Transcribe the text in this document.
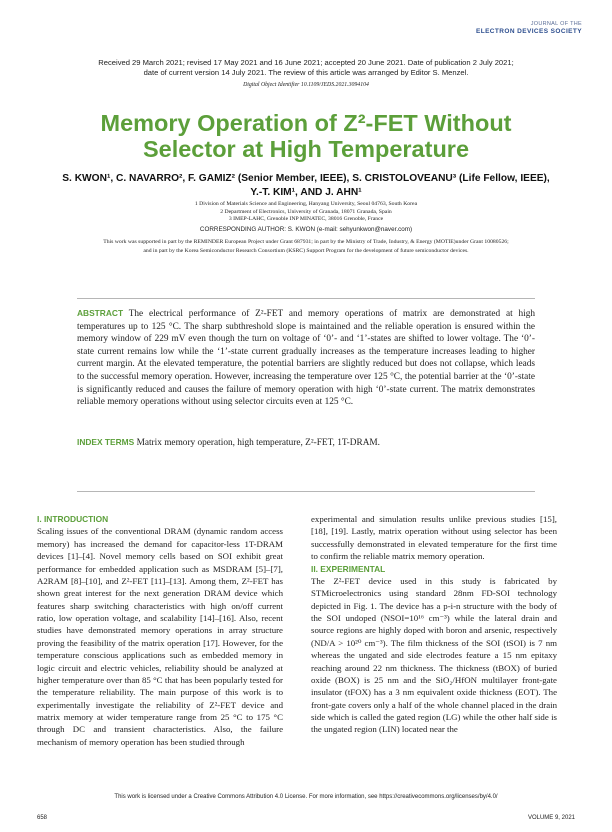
JOURNAL OF THE
ELECTRON DEVICES SOCIETY
Received 29 March 2021; revised 17 May 2021 and 16 June 2021; accepted 20 June 2021. Date of publication 2 July 2021;
date of current version 14 July 2021. The review of this article was arranged by Editor S. Menzel.
Digital Object Identifier 10.1109/JEDS.2021.3094104
Memory Operation of Z²-FET Without
Selector at High Temperature
S. KWON¹, C. NAVARRO², F. GAMIZ² (Senior Member, IEEE), S. CRISTOLOVEANU³ (Life Fellow, IEEE),
Y.-T. KIM¹, AND J. AHN¹
1 Division of Materials Science and Engineering, Hanyang University, Seoul 04763, South Korea
2 Department of Electronics, University of Granada, 18071 Granada, Spain
3 IMEP-LAHC, Grenoble INP MINATEC, 38016 Grenoble, France
CORRESPONDING AUTHOR: S. KWON (e-mail: sehyunkwon@naver.com)
This work was supported in part by the REMINDER European Project under Grant 687931; in part by the Ministry of Trade, Industry, & Energy (MOTIE)under Grant 10080526;
and in part by the Korea Semiconductor Research Consortium (KSRC) Support Program for the development of future semiconductor devices.
ABSTRACT The electrical performance of Z²-FET and memory operations of matrix are demonstrated at high temperatures up to 125 °C. The sharp subthreshold slope is maintained and the reliable operation is ensured within the memory window of 229 mV even though the turn on voltage of ‘0’- and ‘1’-states are shifted to lower voltage. The ‘0’-state current remains low while the ‘1’-state current gradually increases as the temperature increases leading to higher current margin. At the elevated temperature, the potential barriers are slightly reduced but does not collapse, which leads to the successful memory operation. However, increasing the temperature over 125 °C, the potential barrier at the ‘0’-state is significantly reduced and causes the failure of memory operation with high ‘0’-state current. The matrix demonstrates reliable memory operations without using selector circuits even at 125 °C.
INDEX TERMS Matrix memory operation, high temperature, Z²-FET, 1T-DRAM.
I. INTRODUCTION

Scaling issues of the conventional DRAM (dynamic random access memory) has increased the demand for capacitor-less 1T-DRAM devices [1]–[4]. Novel memory cells based on SOI exhibit great performance for embedded application such as MSDRAM [5]–[7], A2RAM [8]–[10], and Z²-FET [11]–[13]. Among them, Z²-FET has shown great interest for the next generation DRAM device which features sharp switching characteristics with high on/off current ratio, low operation voltage, and scalability [14]–[16]. Also, recent studies have demonstrated memory operations in array structure proving the feasibility of the matrix operation [17]. However, for the temperature conscious applications such as embedded memory in logic circuit and electric vehicles, reliability should be analyzed at higher temperature over than 85 °C that has been popularly tested for the temperature reliability. The main purpose of this work is to experimentally investigate the reliability of Z²-FET device and matrix memory at wider temperature range from 25 °C to 175 °C through DC and transient characteristics. Also, the failure mechanism of memory operation has been studied through

experimental and simulation results unlike previous studies [15], [18], [19]. Lastly, matrix operation without using selector has been successfully demonstrated in elevated temperature for the first time to confirm the reliable matrix memory operation.

II. EXPERIMENTAL

The Z²-FET device used in this study is fabricated by STMicroelectronics using standard 28nm FD-SOI technology depicted in Fig. 1. The device has a p-i-n structure with the body of the SOI undoped (NSOI=10¹⁶ cm⁻³) while the lateral drain and source regions are highly doped with boron and arsenic, respectively (ND/A > 10²⁰ cm⁻³). The film thickness of the SOI (tSOI) is 7 nm whereas the ungated and side electrodes feature a 15 nm epitaxy reaching around 22 nm thickness. The thickness (tBOX) of buried oxide (BOX) is 25 nm and the SiO₂/HfON multilayer front-gate insulator (tFOX) has a 3 nm equivalent oxide thickness (EOT). The front-gate covers only a half of the whole channel placed in the drain side which is called the gated region (LG) while the other half side is the ungated region (LIN) located near the

This work is licensed under a Creative Commons Attribution 4.0 License. For more information, see https://creativecommons.org/licenses/by/4.0/
658	VOLUME 9, 2021
